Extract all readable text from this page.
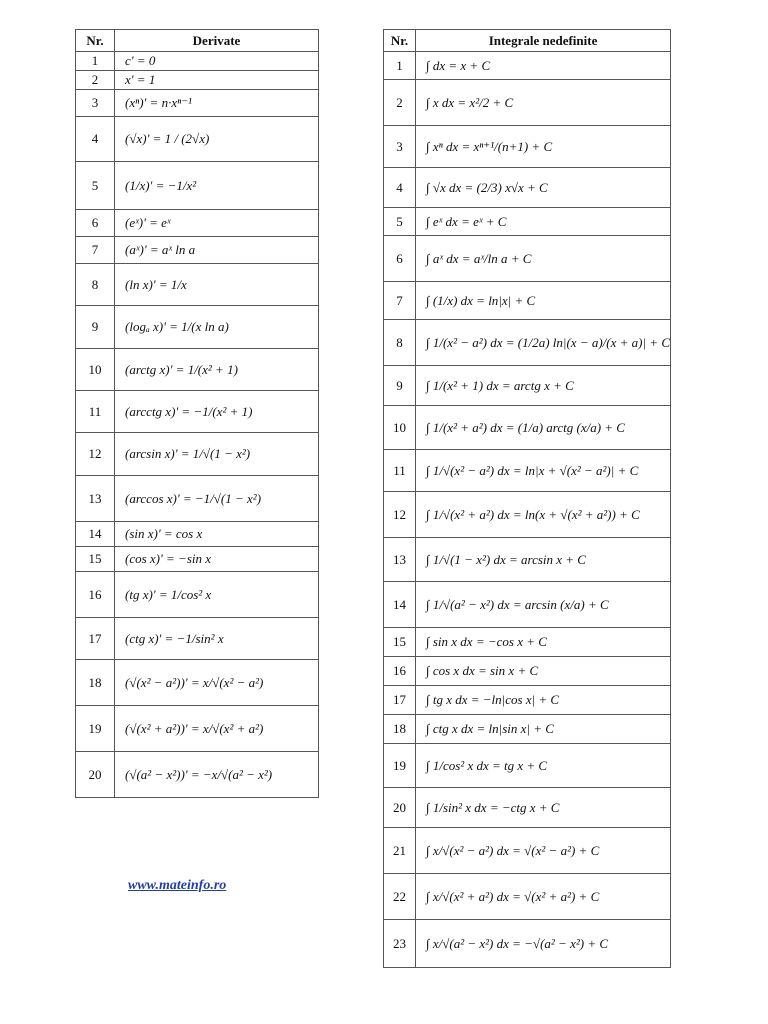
Nr.	Derivate
1	c' = 0
2	x' = 1
3	(xⁿ)' = n·xⁿ⁻¹
4	(√x)' = 1 / (2√x)
5	(1/x)' = −1/x²
6	(eˣ)' = eˣ
7	(aˣ)' = aˣ ln a
8	(ln x)' = 1/x
9	(logₐ x)' = 1/(x ln a)
10	(arctg x)' = 1/(x² + 1)
11	(arcctg x)' = −1/(x² + 1)
12	(arcsin x)' = 1/√(1 − x²)
13	(arccos x)' = −1/√(1 − x²)
14	(sin x)' = cos x
15	(cos x)' = −sin x
16	(tg x)' = 1/cos² x
17	(ctg x)' = −1/sin² x
18	(√(x² − a²))' = x/√(x² − a²)
19	(√(x² + a²))' = x/√(x² + a²)
20	(√(a² − x²))' = −x/√(a² − x²)
Nr.	Integrale nedefinite
1	∫ dx = x + C
2	∫ x dx = x²/2 + C
3	∫ xⁿ dx = xⁿ⁺¹/(n+1) + C
4	∫ √x dx = (2/3) x√x + C
5	∫ eˣ dx = eˣ + C
6	∫ aˣ dx = aˣ/ln a + C
7	∫ (1/x) dx = ln|x| + C
8	∫ 1/(x² − a²) dx = (1/2a) ln|(x − a)/(x + a)| + C
9	∫ 1/(x² + 1) dx = arctg x + C
10	∫ 1/(x² + a²) dx = (1/a) arctg (x/a) + C
11	∫ 1/√(x² − a²) dx = ln|x + √(x² − a²)| + C
12	∫ 1/√(x² + a²) dx = ln(x + √(x² + a²)) + C
13	∫ 1/√(1 − x²) dx = arcsin x + C
14	∫ 1/√(a² − x²) dx = arcsin (x/a) + C
15	∫ sin x dx = −cos x + C
16	∫ cos x dx = sin x + C
17	∫ tg x dx = −ln|cos x| + C
18	∫ ctg x dx = ln|sin x| + C
19	∫ 1/cos² x dx = tg x + C
20	∫ 1/sin² x dx = −ctg x + C
21	∫ x/√(x² − a²) dx = √(x² − a²) + C
22	∫ x/√(x² + a²) dx = √(x² + a²) + C
23	∫ x/√(a² − x²) dx = −√(a² − x²) + C
www.mateinfo.ro
